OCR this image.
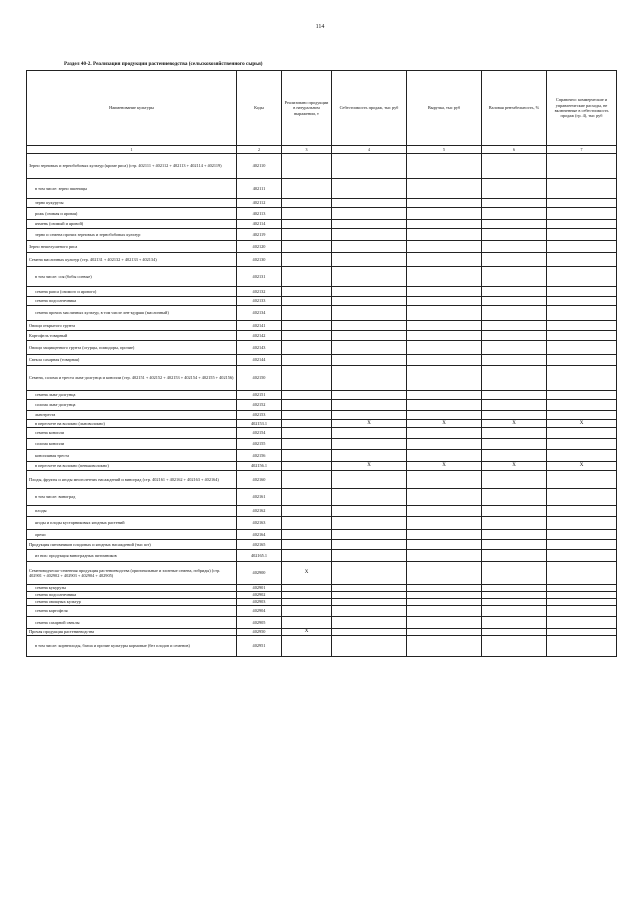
114
Раздел 40-2. Реализация продукции растениеводства (сельскохозяйственного сырья)
Наименование культуры	Коды	Реализовано продукции в натуральном выражении, т	Себестоимость продаж, тыс руб	Выручка, тыс руб	Валовая рентабельность, %	Справочно: коммерческие и управленческие расходы, не включенные в себестоимость продаж (гр. 4), тыс руб
1	2	3	4	5	6	7
Зерно зерновых и зернобобовых культур (кроме риса) (стр. 402111 + 402112 + 402113 + 402114 + 402119)	402110					
в том числе: зерно пшеницы	402111					
зерно кукурузы	402112					
рожь (озимая и яровая)	402113					
ячмень (озимый и яровой)	402114					
зерно и семена прочих зерновых и зернобобовых культур	402119					
Зерно нешелушеного риса	402120					
Семена масличных культур (стр. 402131 + 402132 + 402133 + 402134)	402130					
в том числе: соя (бобы соевые)	402131					
семена рапса (озимого и ярового)	402132					
семена подсолнечника	402133					
семена прочих масличных культур, в том числе лен-кудряш (масличный)	402134					
Овощи открытого грунта	402141					
Картофель товарный	402142					
Овощи защищенного грунта (огурцы, помидоры, прочие)	402143					
Свекла сахарная (товарная)	402144					
Семена, солома и треста льна-долгунца и конопли (стр. 402151 + 402152 + 402153 + 402154 + 402155 + 402156)	402150					
семена льна-долгунца	402151					
солома льна-долгунца	402152					
льнотреста	402153					
в пересчете на волокно (льноволокно)	402153.1		Х	Х	Х	Х
семена конопли	402154					
солома конопли	402155					
конопляная треста	402156					
в пересчете на волокно (пеньковолокно)	402156.1		Х	Х	Х	Х
Плоды, фрукты и ягоды многолетних насаждений и виноград (стр. 402161 + 402162 + 402163 + 402164)	402160					
в том числе: виноград	402161					
плоды	402162					
ягоды и плоды кустарниковых ягодных растений	402163					
орехи	402164					
Продукция питомников плодовых и ягодных насаждений (тыс шт)	402165					
из них: продукция виноградных питомников	402165.1					
Семеноводческо-семенная продукция растениеводства (оригинальные и элитные семена, гибриды) (стр. 402901 + 402902 + 402903 + 402904 + 402905)	402900	Х				
семена кукурузы	402901					
семена подсолнечника	402902					
семена овощных культур	402903					
семена картофеля	402904					
семена сахарной свеклы	402905					
Прочая продукция растениеводства	402950	Х				
в том числе: корнеплоды, бахча и прочие культуры кормовые (без плодов и семенов)	402951					
